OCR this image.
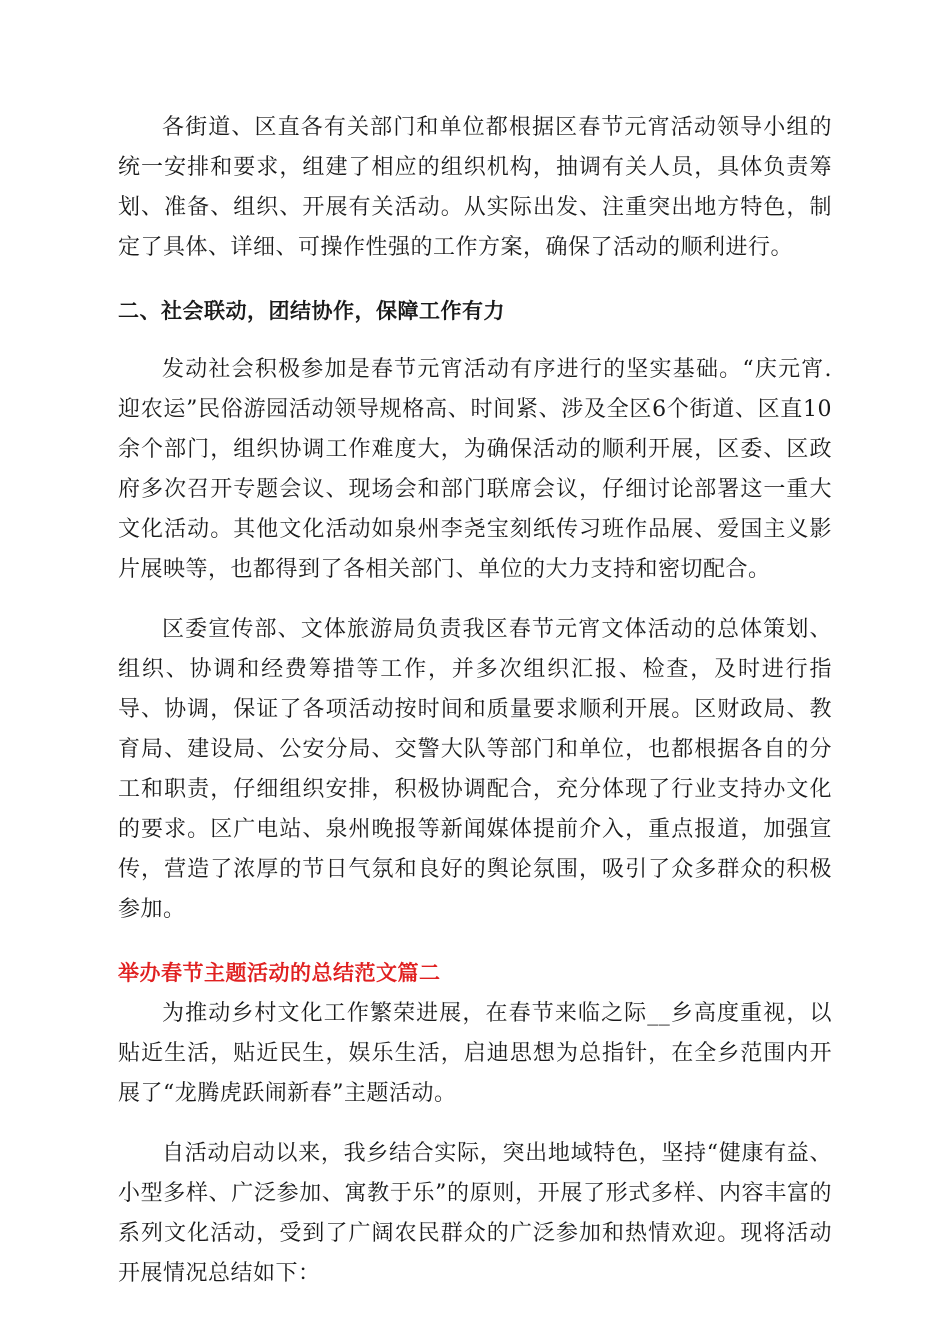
各街道、区直各有关部门和单位都根据区春节元宵活动领导小组的统一安排和要求，组建了相应的组织机构，抽调有关人员，具体负责筹划、准备、组织、开展有关活动。从实际出发、注重突出地方特色，制定了具体、详细、可操作性强的工作方案，确保了活动的顺利进行。

二、社会联动，团结协作，保障工作有力

发动社会积极参加是春节元宵活动有序进行的坚实基础。“庆元宵.迎农运”民俗游园活动领导规格高、时间紧、涉及全区6个街道、区直10余个部门，组织协调工作难度大，为确保活动的顺利开展，区委、区政府多次召开专题会议、现场会和部门联席会议，仔细讨论部署这一重大文化活动。其他文化活动如泉州李尧宝刻纸传习班作品展、爱国主义影片展映等，也都得到了各相关部门、单位的大力支持和密切配合。

区委宣传部、文体旅游局负责我区春节元宵文体活动的总体策划、组织、协调和经费筹措等工作，并多次组织汇报、检查，及时进行指导、协调，保证了各项活动按时间和质量要求顺利开展。区财政局、教育局、建设局、公安分局、交警大队等部门和单位，也都根据各自的分工和职责，仔细组织安排，积极协调配合，充分体现了行业支持办文化的要求。区广电站、泉州晚报等新闻媒体提前介入，重点报道，加强宣传，营造了浓厚的节日气氛和良好的舆论氛围，吸引了众多群众的积极参加。

举办春节主题活动的总结范文篇二

为推动乡村文化工作繁荣进展，在春节来临之际__乡高度重视，以贴近生活，贴近民生，娱乐生活，启迪思想为总指针，在全乡范围内开展了“龙腾虎跃闹新春”主题活动。

自活动启动以来，我乡结合实际，突出地域特色，坚持“健康有益、小型多样、广泛参加、寓教于乐”的原则，开展了形式多样、内容丰富的系列文化活动，受到了广阔农民群众的广泛参加和热情欢迎。现将活动开展情况总结如下：
